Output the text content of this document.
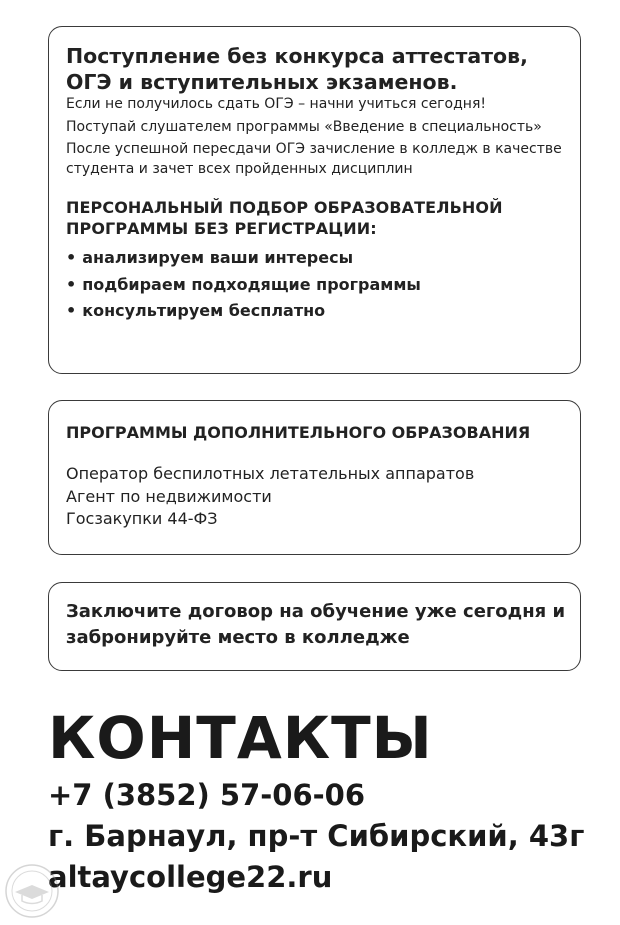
Поступление без конкурса аттестатов,

ОГЭ и вступительных экзаменов.

Если не получилось сдать ОГЭ – начни учиться сегодня!

Поступай слушателем программы «Введение в специальность»

После успешной пересдачи ОГЭ зачисление в колледж в качестве студента и зачет всех пройденных дисциплин

ПЕРСОНАЛЬНЫЙ ПОДБОР ОБРАЗОВАТЕЛЬНОЙ ПРОГРАММЫ БЕЗ РЕГИСТРАЦИИ:

• анализируем ваши интересы
• подбираем подходящие программы
• консультируем бесплатно

ПРОГРАММЫ ДОПОЛНИТЕЛЬНОГО ОБРАЗОВАНИЯ

Оператор беспилотных летательных аппаратов
Агент по недвижимости
Госзакупки 44-ФЗ

Заключите договор на обучение уже сегодня и

забронируйте место в колледже

КОНТАКТЫ

+7 (3852) 57-06-06

г. Барнаул, пр-т Сибирский, 43г

altaycollege22.ru
